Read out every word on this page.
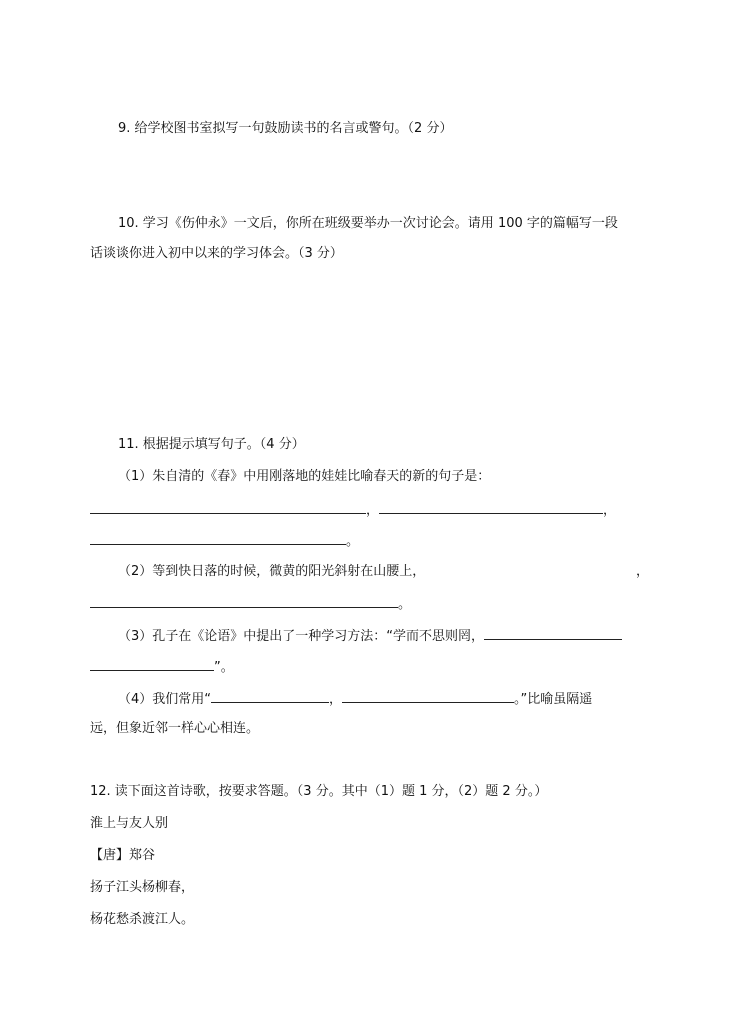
9. 给学校图书室拟写一句鼓励读书的名言或警句。（2 分）
10. 学习《伤仲永》一文后，你所在班级要举办一次讨论会。请用 100 字的篇幅写一段
话谈谈你进入初中以来的学习体会。（3 分）
11. 根据提示填写句子。（4 分）
（1）朱自清的《春》中用刚落地的娃娃比喻春天的新的句子是：
，	，
。
（2）等到快日落的时候，微黄的阳光斜射在山腰上，	，
。
（3）孔子在《论语》中提出了一种学习方法：“学而不思则罔，
”。
（4）我们常用“	，	。”比喻虽隔遥
远，但象近邻一样心心相连。
12. 读下面这首诗歌，按要求答题。（3 分。其中（1）题 1 分，（2）题 2 分。）
淮上与友人别
【唐】郑谷
扬子江头杨柳春，
杨花愁杀渡江人。
